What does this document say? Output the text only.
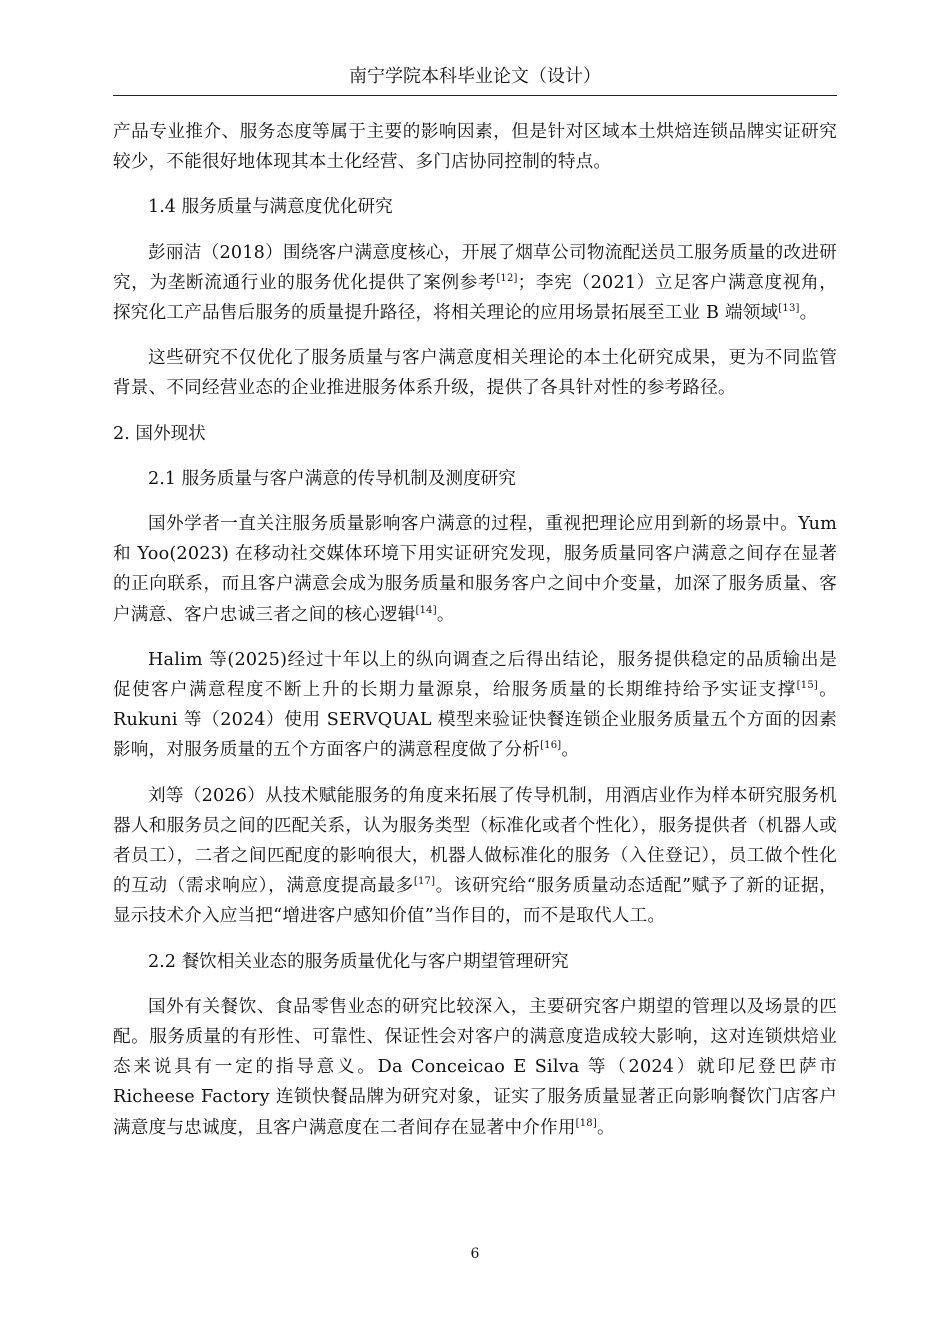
南宁学院本科毕业论文（设计）

产品专业推介、服务态度等属于主要的影响因素，但是针对区域本土烘焙连锁品牌实证研究较少，不能很好地体现其本土化经营、多门店协同控制的特点。

1.4 服务质量与满意度优化研究

彭丽洁（2018）围绕客户满意度核心，开展了烟草公司物流配送员工服务质量的改进研究，为垄断流通行业的服务优化提供了案例参考[12]；李宪（2021）立足客户满意度视角，探究化工产品售后服务的质量提升路径，将相关理论的应用场景拓展至工业 B 端领域[13]。

这些研究不仅优化了服务质量与客户满意度相关理论的本土化研究成果，更为不同监管背景、不同经营业态的企业推进服务体系升级，提供了各具针对性的参考路径。

2. 国外现状
2.1 服务质量与客户满意的传导机制及测度研究

国外学者一直关注服务质量影响客户满意的过程，重视把理论应用到新的场景中。Yum 和 Yoo(2023) 在移动社交媒体环境下用实证研究发现，服务质量同客户满意之间存在显著的正向联系，而且客户满意会成为服务质量和服务客户之间中介变量，加深了服务质量、客户满意、客户忠诚三者之间的核心逻辑[14]。

Halim 等(2025)经过十年以上的纵向调查之后得出结论，服务提供稳定的品质输出是促使客户满意程度不断上升的长期力量源泉，给服务质量的长期维持给予实证支撑[15]。Rukuni 等（2024）使用 SERVQUAL 模型来验证快餐连锁企业服务质量五个方面的因素影响，对服务质量的五个方面客户的满意程度做了分析[16]。

刘等（2026）从技术赋能服务的角度来拓展了传导机制，用酒店业作为样本研究服务机器人和服务员之间的匹配关系，认为服务类型（标准化或者个性化），服务提供者（机器人或者员工），二者之间匹配度的影响很大，机器人做标准化的服务（入住登记），员工做个性化的互动（需求响应），满意度提高最多[17]。该研究给“服务质量动态适配”赋予了新的证据，显示技术介入应当把“增进客户感知价值”当作目的，而不是取代人工。

2.2 餐饮相关业态的服务质量优化与客户期望管理研究

国外有关餐饮、食品零售业态的研究比较深入，主要研究客户期望的管理以及场景的匹配。服务质量的有形性、可靠性、保证性会对客户的满意度造成较大影响，这对连锁烘焙业态来说具有一定的指导意义。Da Conceicao E Silva 等（2024）就印尼登巴萨市 Richeese Factory 连锁快餐品牌为研究对象，证实了服务质量显著正向影响餐饮门店客户满意度与忠诚度，且客户满意度在二者间存在显著中介作用[18]。

6
